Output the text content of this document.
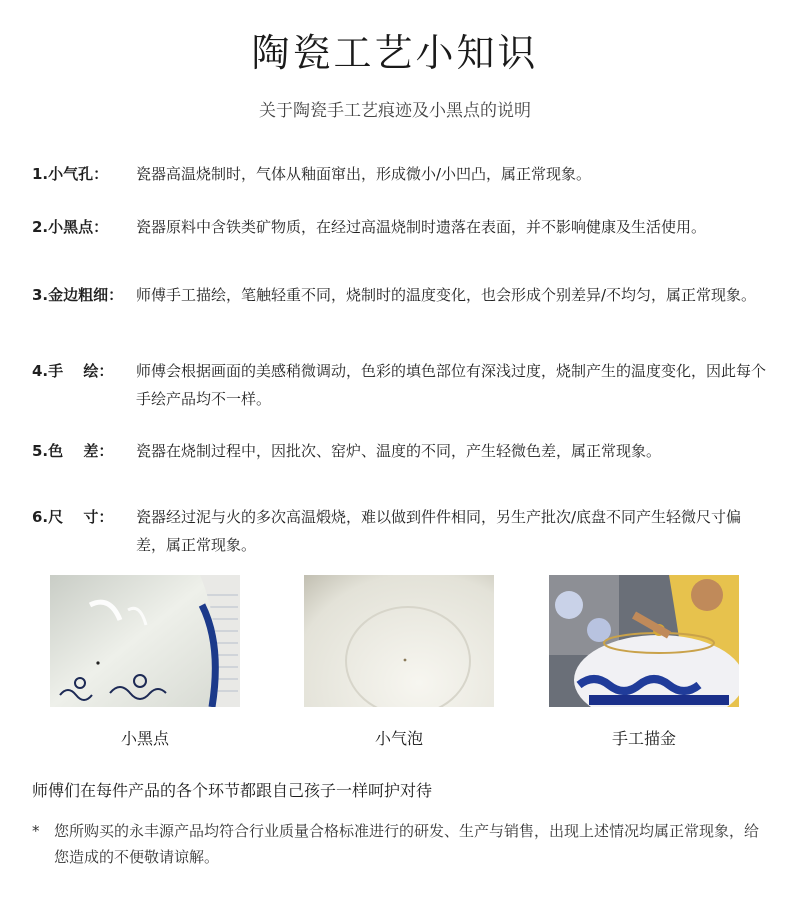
陶瓷工艺小知识
关于陶瓷手工艺痕迹及小黑点的说明
1.小气孔：	瓷器高温烧制时，气体从釉面窜出，形成微小/小凹凸，属正常现象。
2.小黑点：	瓷器原料中含铁类矿物质，在经过高温烧制时遗落在表面，并不影响健康及生活使用。
3.金边粗细： 师傅手工描绘，笔触轻重不同，烧制时的温度变化，也会形成个别差异/不均匀，属正常现象。
4.手　 绘：	师傅会根据画面的美感稍微调动，色彩的填色部位有深浅过度，烧制产生的温度变化，因此每个手绘产品均不一样。
5.色　 差：	瓷器在烧制过程中，因批次、窑炉、温度的不同，产生轻微色差，属正常现象。
6.尺　 寸：	瓷器经过泥与火的多次高温煅烧，难以做到件件相同，另生产批次/底盘不同产生轻微尺寸偏差，属正常现象。
小黑点	小气泡	手工描金
师傅们在每件产品的各个环节都跟自己孩子一样呵护对待
* 您所购买的永丰源产品均符合行业质量合格标准进行的研发、生产与销售，出现上述情况均属正常现象，给您造成的不便敬请谅解。
